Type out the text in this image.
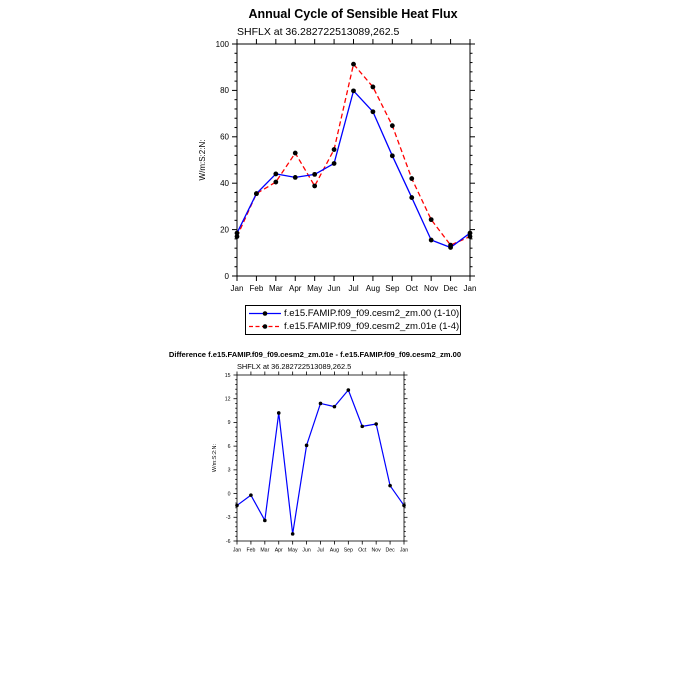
Annual Cycle of Sensible Heat Flux
SHFLX at 36.282722513089,262.5
W/m:S:2:N:
0
20
40
60
80
100
Jan Feb Mar Apr May Jun Jul Aug Sep Oct Nov Dec Jan
Difference f.e15.FAMIP.f09_f09.cesm2_zm.01e - f.e15.FAMIP.f09_f09.cesm2_zm.00
SHFLX at 36.282722513089,262.5
W/m:S:2:N:
-6
-3
0
3
6
9
12
15
Jan Feb Mar Apr May Jun Jul Aug Sep Oct Nov Dec Jan
f.e15.FAMIP.f09_f09.cesm2_zm.00 (1-10)
f.e15.FAMIP.f09_f09.cesm2_zm.01e (1-4)
